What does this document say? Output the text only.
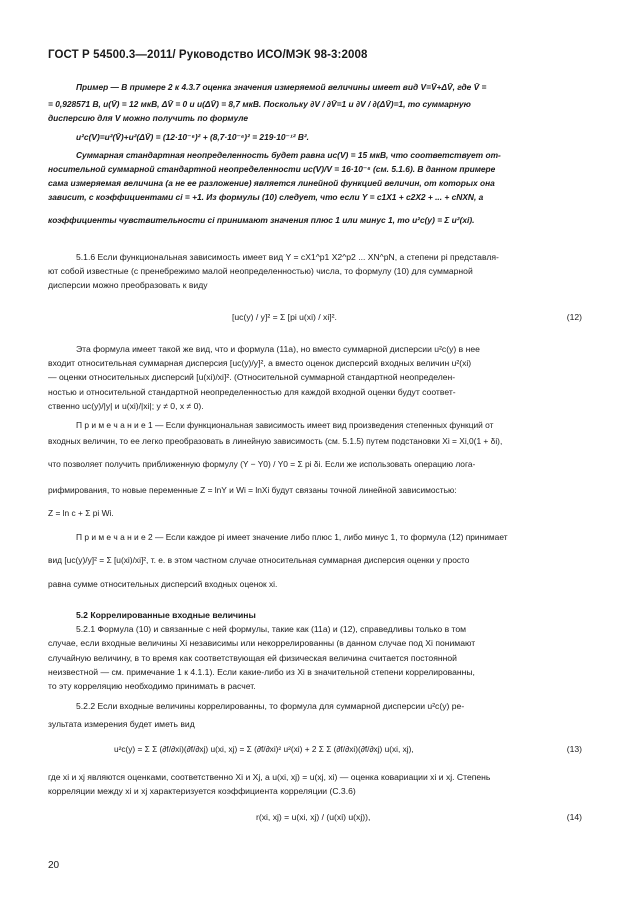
ГОСТ Р 54500.3—2011/ Руководство ИСО/МЭК 98-3:2008

Пример — В примере 2 к 4.3.7 оценка значения измеряемой величины имеет вид V=V̄+ΔV̄, где V̄ =

= 0,928571 В, u(V̄) = 12 мкВ, ΔV̄ = 0 и u(ΔV̄) = 8,7 мкВ. Поскольку ∂V / ∂V̄=1 и ∂V / ∂(ΔV̄)=1, то суммарную

дисперсию для V можно получить по формуле

u²c(V)=u²(V̄)+u²(ΔV̄) = (12·10⁻⁶)² + (8,7·10⁻⁶)² = 219·10⁻¹² В².

Суммарная стандартная неопределенность будет равна uc(V) = 15 мкВ, что соответствует от-

носительной суммарной стандартной неопределенности uc(V)/V = 16·10⁻⁶ (см. 5.1.6). В данном примере

сама измеряемая величина (а не ее разложение) является линейной функцией величин, от которых она

зависит, с коэффициентами ci = +1. Из формулы (10) следует, что если Y = c1X1 + c2X2 + ... + cNXN, а

коэффициенты чувствительности ci принимают значения плюс 1 или минус 1, то u²c(y) = Σ u²(xi).

5.1.6 Если функциональная зависимость имеет вид Y = cX1^p1 X2^p2 ... XN^pN, а степени pi представля-

ют собой известные (с пренебрежимо малой неопределенностью) числа, то формулу (10) для суммарной

дисперсии можно преобразовать к виду

[uc(y) / y]² = Σ [pi u(xi) / xi]².	(12)

Эта формула имеет такой же вид, что и формула (11а), но вместо суммарной дисперсии u²c(y) в нее

входит относительная суммарная дисперсия [uc(y)/y]², а вместо оценок дисперсий входных величин u²(xi)

— оценки относительных дисперсий [u(xi)/xi]². (Относительной суммарной стандартной неопределен-

ностью и относительной стандартной неопределенностью для каждой входной оценки будут соответ-

ственно uc(y)/|y| и u(xi)/|xi|; y ≠ 0, x ≠ 0).

П р и м е ч а н и е 1 — Если функциональная зависимость имеет вид произведения степенных функций от

входных величин, то ее легко преобразовать в линейную зависимость (см. 5.1.5) путем подстановки Xi = Xi,0(1 + δi),

что позволяет получить приближенную формулу (Y − Y0) / Y0 = Σ pi δi. Если же использовать операцию лога-

рифмирования, то новые переменные Z = lnY и Wi = lnXi будут связаны точной линейной зависимостью:

Z = ln c + Σ pi Wi.

П р и м е ч а н и е 2 — Если каждое pi имеет значение либо плюс 1, либо минус 1, то формула (12) принимает

вид [uc(y)/y]² = Σ [u(xi)/xi]², т. е. в этом частном случае относительная суммарная дисперсия оценки y просто

равна сумме относительных дисперсий входных оценок xi.

5.2 Коррелированные входные величины

5.2.1 Формула (10) и связанные с ней формулы, такие как (11а) и (12), справедливы только в том

случае, если входные величины Xi независимы или некоррелированны (в данном случае под Xi понимают

случайную величину, в то время как соответствующая ей физическая величина считается постоянной

неизвестной — см. примечание 1 к 4.1.1). Если какие-либо из Xi в значительной степени коррелированны,

то эту корреляцию необходимо принимать в расчет.

5.2.2 Если входные величины коррелированны, то формула для суммарной дисперсии u²c(y) ре-

зультата измерения будет иметь вид

u²c(y) = Σ Σ (∂f/∂xi)(∂f/∂xj) u(xi, xj) = Σ (∂f/∂xi)² u²(xi) + 2 Σ Σ (∂f/∂xi)(∂f/∂xj) u(xi, xj),	(13)

где xi и xj являются оценками, соответственно Xi и Xj, а u(xi, xj) = u(xj, xi) — оценка ковариации xi и xj. Степень

корреляции между xi и xj характеризуется коэффициента корреляции (С.3.6)

r(xi, xj) = u(xi, xj) / (u(xi) u(xj)),	(14)
20
